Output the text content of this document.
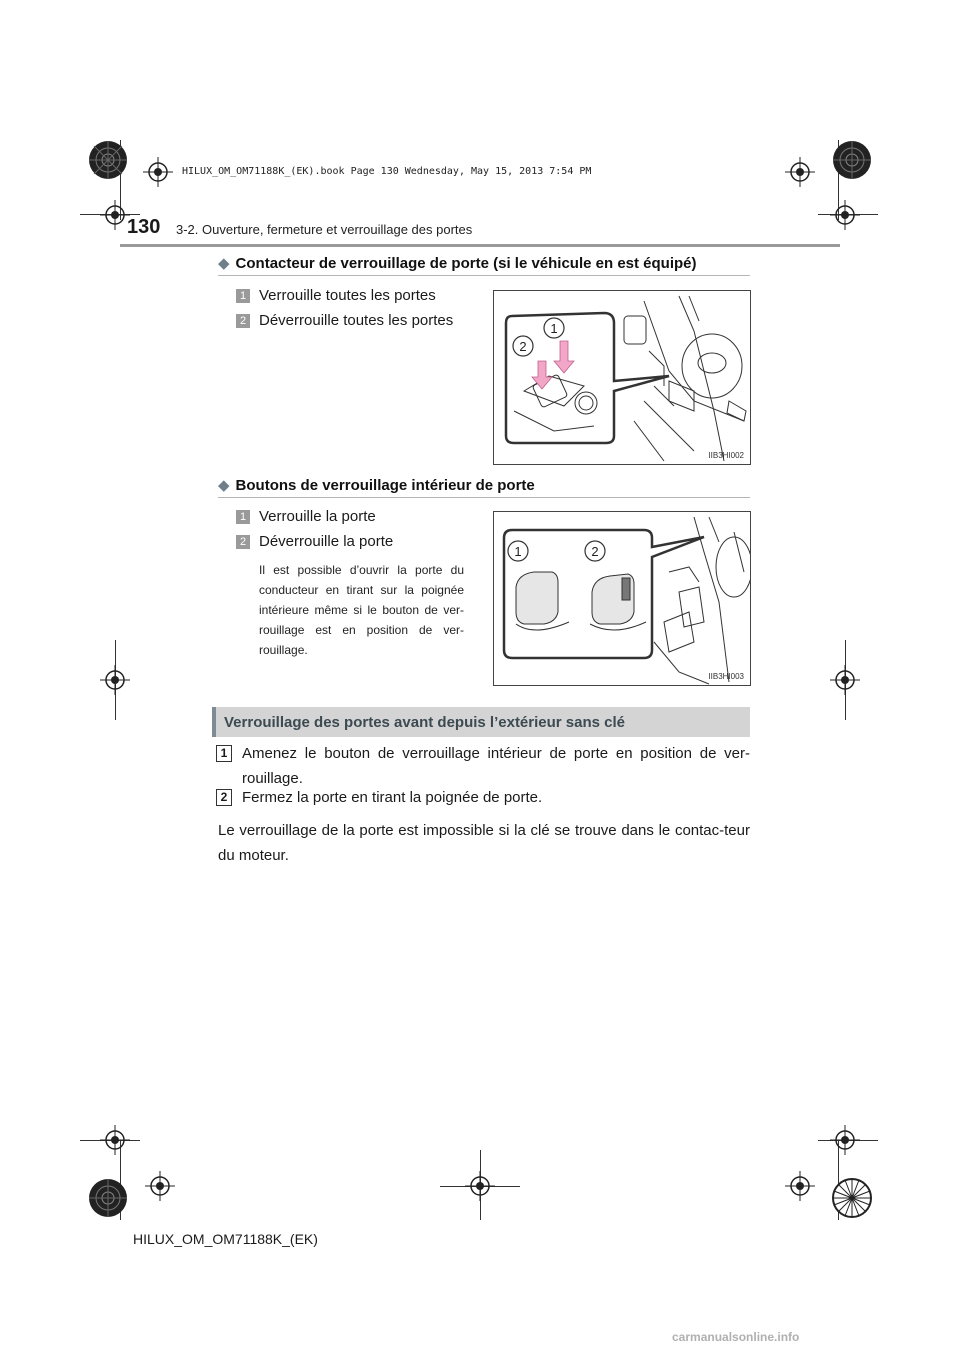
HILUX_OM_OM71188K_(EK).book Page 130 Wednesday, May 15, 2013 7:54 PM
130 3-2. Ouverture, fermeture et verrouillage des portes
◆ Contacteur de verrouillage de porte (si le véhicule en est équipé)
1 Verrouille toutes les portes
2 Déverrouille toutes les portes	1
2
IIB3HI002
◆ Boutons de verrouillage intérieur de porte
1 Verrouille la porte
2 Déverrouille la porte
Il est possible d’ouvrir la porte du conducteur en tirant sur la poignée intérieure même si le bouton de ver-rouillage est en position de ver-rouillage.
1	2
IIB3HI003
Verrouillage des portes avant depuis l’extérieur sans clé
1 Amenez le bouton de verrouillage intérieur de porte en position de ver-rouillage.
2 Fermez la porte en tirant la poignée de porte.
Le verrouillage de la porte est impossible si la clé se trouve dans le contac-teur du moteur.
HILUX_OM_OM71188K_(EK)
carmanualsonline.info
